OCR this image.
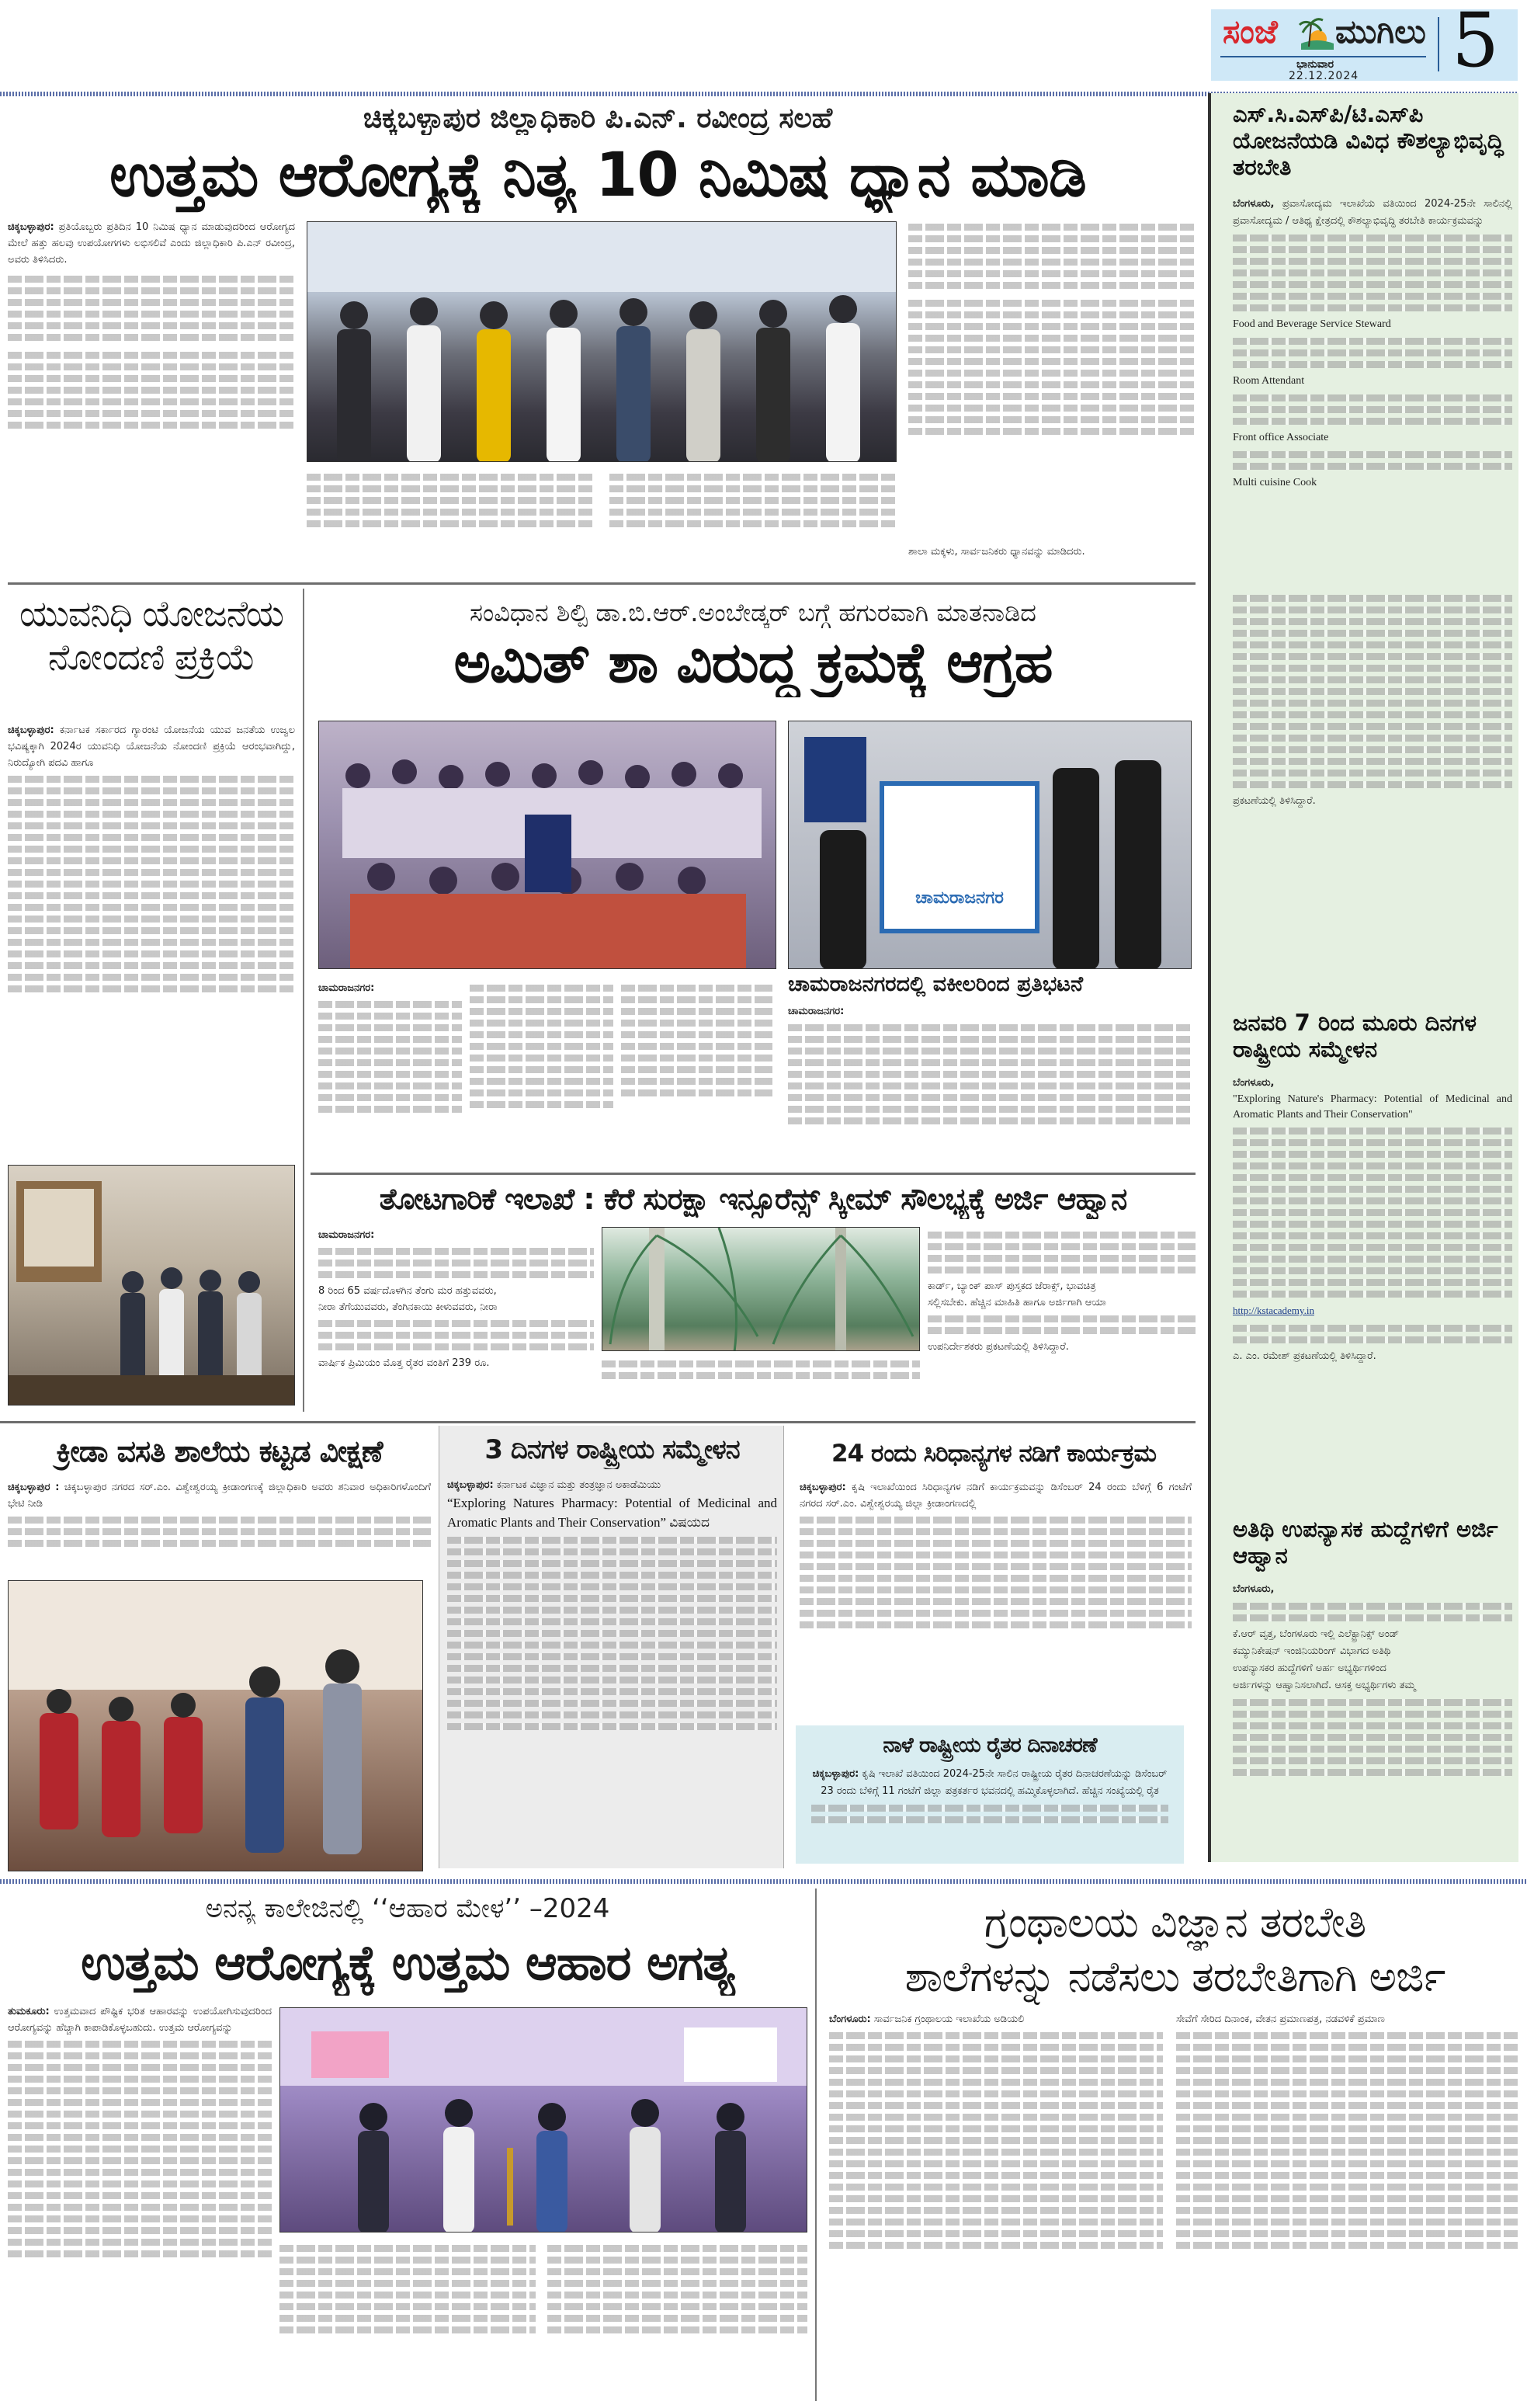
ಸಂಜೆ ಮುಗಿಲು
ಭಾನುವಾರ
22.12.2024 5
ಚಿಕ್ಕಬಳ್ಳಾಪುರ ಜಿಲ್ಲಾಧಿಕಾರಿ ಪಿ.ಎನ್. ರವೀಂದ್ರ ಸಲಹೆ
ಉತ್ತಮ ಆರೋಗ್ಯಕ್ಕೆ ನಿತ್ಯ 10 ನಿಮಿಷ ಧ್ಯಾನ ಮಾಡಿ
ಚಿಕ್ಕಬಳ್ಳಾಪುರ: ಪ್ರತಿಯೊಬ್ಬರು ಪ್ರತಿದಿನ 10 ನಿಮಿಷ ಧ್ಯಾನ ಮಾಡುವುದರಿಂದ ಆರೋಗ್ಯದ ಮೇಲೆ ಹತ್ತು ಹಲವು ಉಪಯೋಗಗಳು ಲಭಿಸಲಿವೆ ಎಂದು ಜಿಲ್ಲಾಧಿಕಾರಿ ಪಿ.ಎನ್ ರವೀಂದ್ರ, ಅವರು ತಿಳಿಸಿದರು.
ಶಾಲಾ ಮಕ್ಕಳು, ಸಾರ್ವಜನಿಕರು ಧ್ಯಾನವನ್ನು ಮಾಡಿದರು.
ಯುವನಿಧಿ ಯೋಜನೆಯ ನೋಂದಣಿ ಪ್ರಕ್ರಿಯೆ
ಚಿಕ್ಕಬಳ್ಳಾಪುರ: ಕರ್ನಾಟಕ ಸರ್ಕಾರದ ಗ್ಯಾರಂಟಿ ಯೋಜನೆಯ ಯುವ ಜನತೆಯ ಉಜ್ವಲ ಭವಿಷ್ಯಕ್ಕಾಗಿ 2024ರ ಯುವನಿಧಿ ಯೋಜನೆಯ ನೋಂದಣಿ ಪ್ರಕ್ರಿಯೆ ಆರಂಭವಾಗಿದ್ದು, ನಿರುದ್ಯೋಗಿ ಪದವಿ ಹಾಗೂ
ಸಂವಿಧಾನ ಶಿಲ್ಪಿ ಡಾ.ಬಿ.ಆರ್.ಅಂಬೇಡ್ಕರ್ ಬಗ್ಗೆ ಹಗುರವಾಗಿ ಮಾತನಾಡಿದ
ಅಮಿತ್ ಶಾ ವಿರುದ್ಧ ಕ್ರಮಕ್ಕೆ ಆಗ್ರಹ
ಚಾಮರಾಜನಗರ
ಚಾಮರಾಜನಗರ:	ಚಾಮರಾಜನಗರದಲ್ಲಿ ವಕೀಲರಿಂದ ಪ್ರತಿಭಟನೆ
ಚಾಮರಾಜನಗರ:
ತೋಟಗಾರಿಕೆ ಇಲಾಖೆ : ಕೆರೆ ಸುರಕ್ಷಾ ಇನ್ಸೂರೆನ್ಸ್ ಸ್ಕೀಮ್ ಸೌಲಭ್ಯಕ್ಕೆ ಅರ್ಜಿ ಆಹ್ವಾನ
ಚಾಮರಾಜನಗರ:
8 ರಿಂದ 65 ವರ್ಷದೊಳಗಿನ ತೆಂಗು ಮರ ಹತ್ತುವವರು,
ನೀರಾ ತೆಗೆಯುವವರು, ತೆಂಗಿನಕಾಯಿ ಕೀಳುವವರು, ನೀರಾ
ವಾರ್ಷಿಕ ಪ್ರಿಮಿಯಂ ಮೊತ್ತ ರೈತರ ವಂತಿಗೆ 239 ರೂ.
ಕಾರ್ಡ್, ಬ್ಯಾಂಕ್ ಪಾಸ್ ಪುಸ್ತಕದ ಜೆರಾಕ್ಸ್, ಭಾವಚಿತ್ರ
ಸಲ್ಲಿಸಬೇಕು. ಹೆಚ್ಚಿನ ಮಾಹಿತಿ ಹಾಗೂ ಅರ್ಜಿಗಾಗಿ ಆಯಾ
ಉಪನಿರ್ದೇಶಕರು ಪ್ರಕಟಣೆಯಲ್ಲಿ ತಿಳಿಸಿದ್ದಾರೆ.
ಕ್ರೀಡಾ ವಸತಿ ಶಾಲೆಯ ಕಟ್ಟಡ ವೀಕ್ಷಣೆ
ಚಿಕ್ಕಬಳ್ಳಾಪುರ : ಚಿಕ್ಕಬಳ್ಳಾಪುರ ನಗರದ ಸರ್.ಎಂ. ವಿಶ್ವೇಶ್ವರಯ್ಯ ಕ್ರೀಡಾಂಗಣಕ್ಕೆ ಜಿಲ್ಲಾಧಿಕಾರಿ ಅವರು ಶನಿವಾರ ಅಧಿಕಾರಿಗಳೊಂದಿಗೆ ಭೇಟಿ ನೀಡಿ
3 ದಿನಗಳ ರಾಷ್ಟ್ರೀಯ ಸಮ್ಮೇಳನ
ಚಿಕ್ಕಬಳ್ಳಾಪುರ: ಕರ್ನಾಟಕ ವಿಜ್ಞಾನ ಮತ್ತು ತಂತ್ರಜ್ಞಾನ ಅಕಾಡೆಮಿಯು
“Exploring Natures Pharmacy: Potential of Medicinal and Aromatic Plants and Their Conservation” ವಿಷಯದ
24 ರಂದು ಸಿರಿಧಾನ್ಯಗಳ ನಡಿಗೆ ಕಾರ್ಯಕ್ರಮ
ಚಿಕ್ಕಬಳ್ಳಾಪುರ: ಕೃಷಿ ಇಲಾಖೆಯಿಂದ ಸಿರಿಧಾನ್ಯಗಳ ನಡಿಗೆ ಕಾರ್ಯಕ್ರಮವನ್ನು ಡಿಸೆಂಬರ್ 24 ರಂದು ಬೆಳಿಗ್ಗೆ 6 ಗಂಟೆಗೆ ನಗರದ ಸರ್.ಎಂ. ವಿಶ್ವೇಶ್ವರಯ್ಯ ಜಿಲ್ಲಾ ಕ್ರೀಡಾಂಗಣದಲ್ಲಿ
ನಾಳೆ ರಾಷ್ಟ್ರೀಯ ರೈತರ ದಿನಾಚರಣೆ
ಚಿಕ್ಕಬಳ್ಳಾಪುರ: ಕೃಷಿ ಇಲಾಖೆ ವತಿಯಿಂದ 2024-25ನೇ ಸಾಲಿನ ರಾಷ್ಟ್ರೀಯ ರೈತರ ದಿನಾಚರಣೆಯನ್ನು ಡಿಸೆಂಬರ್ 23 ರಂದು ಬೆಳಿಗ್ಗೆ 11 ಗಂಟೆಗೆ ಜಿಲ್ಲಾ ಪತ್ರಕರ್ತರ ಭವನದಲ್ಲಿ ಹಮ್ಮಿಕೊಳ್ಳಲಾಗಿದೆ. ಹೆಚ್ಚಿನ ಸಂಖ್ಯೆಯಲ್ಲಿ ರೈತ
ಎಸ್.ಸಿ.ಎಸ್‌ಪಿ/ಟಿ.ಎಸ್‌ಪಿ ಯೋಜನೆಯಡಿ ವಿವಿಧ ಕೌಶಲ್ಯಾಭಿವೃದ್ಧಿ ತರಬೇತಿ
ಬೆಂಗಳೂರು, ಪ್ರವಾಸೋದ್ಯಮ ಇಲಾಖೆಯ ವತಿಯಿಂದ 2024-25ನೇ ಸಾಲಿನಲ್ಲಿ ಪ್ರವಾಸೋದ್ಯಮ / ಆತಿಥ್ಯ ಕ್ಷೇತ್ರದಲ್ಲಿ ಕೌಶಲ್ಯಾಭಿವೃದ್ಧಿ ತರಬೇತಿ ಕಾರ್ಯಕ್ರಮವನ್ನು
Food and Beverage Service Steward
Room Attendant
Front office Associate
Multi cuisine Cook
ಪ್ರಕಟಣೆಯಲ್ಲಿ ತಿಳಿಸಿದ್ದಾರೆ.
ಜನವರಿ 7 ರಿಂದ ಮೂರು ದಿನಗಳ ರಾಷ್ಟ್ರೀಯ ಸಮ್ಮೇಳನ
ಬೆಂಗಳೂರು,
"Exploring Nature's Pharmacy: Potential of Medicinal and Aromatic Plants and Their Conservation"
http://kstacademy.in
ಎ. ಎಂ. ರಮೇಶ್ ಪ್ರಕಟಣೆಯಲ್ಲಿ ತಿಳಿಸಿದ್ದಾರೆ.
ಅತಿಥಿ ಉಪನ್ಯಾಸಕ ಹುದ್ದೆಗಳಿಗೆ ಅರ್ಜಿ ಆಹ್ವಾನ
ಬೆಂಗಳೂರು,
ಕೆ.ಆರ್ ವೃತ್ತ, ಬೆಂಗಳೂರು ಇಲ್ಲಿ ಎಲೆಕ್ಟ್ರಾನಿಕ್ಸ್ ಅಂಡ್
ಕಮ್ಯುನಿಕೇಷನ್ ಇಂಜಿನಿಯರಿಂಗ್ ವಿಭಾಗದ ಅತಿಥಿ
ಉಪನ್ಯಾಸಕರ ಹುದ್ದೆಗಳಿಗೆ ಅರ್ಹ ಅಭ್ಯರ್ಥಿಗಳಿಂದ
ಅರ್ಜಿಗಳನ್ನು ಆಹ್ವಾನಿಸಲಾಗಿದೆ. ಆಸಕ್ತ ಅಭ್ಯರ್ಥಿಗಳು ತಮ್ಮ
ಅನನ್ಯ ಕಾಲೇಜಿನಲ್ಲಿ ‘‘ಆಹಾರ ಮೇಳ’’ –2024
ಉತ್ತಮ ಆರೋಗ್ಯಕ್ಕೆ ಉತ್ತಮ ಆಹಾರ ಅಗತ್ಯ
ತುಮಕೂರು: ಉತ್ತಮವಾದ ಪೌಷ್ಟಿಕ ಭರಿತ ಆಹಾರವನ್ನು ಉಪಯೋಗಿಸುವುದರಿಂದ ಆರೋಗ್ಯವನ್ನು ಹೆಚ್ಚಾಗಿ ಕಾಪಾಡಿಕೊಳ್ಳಬಹುದು. ಉತ್ತಮ ಆರೋಗ್ಯವನ್ನು
ಗ್ರಂಥಾಲಯ ವಿಜ್ಞಾನ ತರಬೇತಿ
ಶಾಲೆಗಳನ್ನು ನಡೆಸಲು ತರಬೇತಿಗಾಗಿ ಅರ್ಜಿ
ಬೆಂಗಳೂರು: ಸಾರ್ವಜನಿಕ ಗ್ರಂಥಾಲಯ ಇಲಾಖೆಯ ಅಡಿಯಲಿ	ಸೇವೆಗೆ ಸೇರಿದ ದಿನಾಂಕ, ವೇತನ ಪ್ರಮಾಣಪತ್ರ, ನಡವಳಿಕೆ ಪ್ರಮಾಣ
